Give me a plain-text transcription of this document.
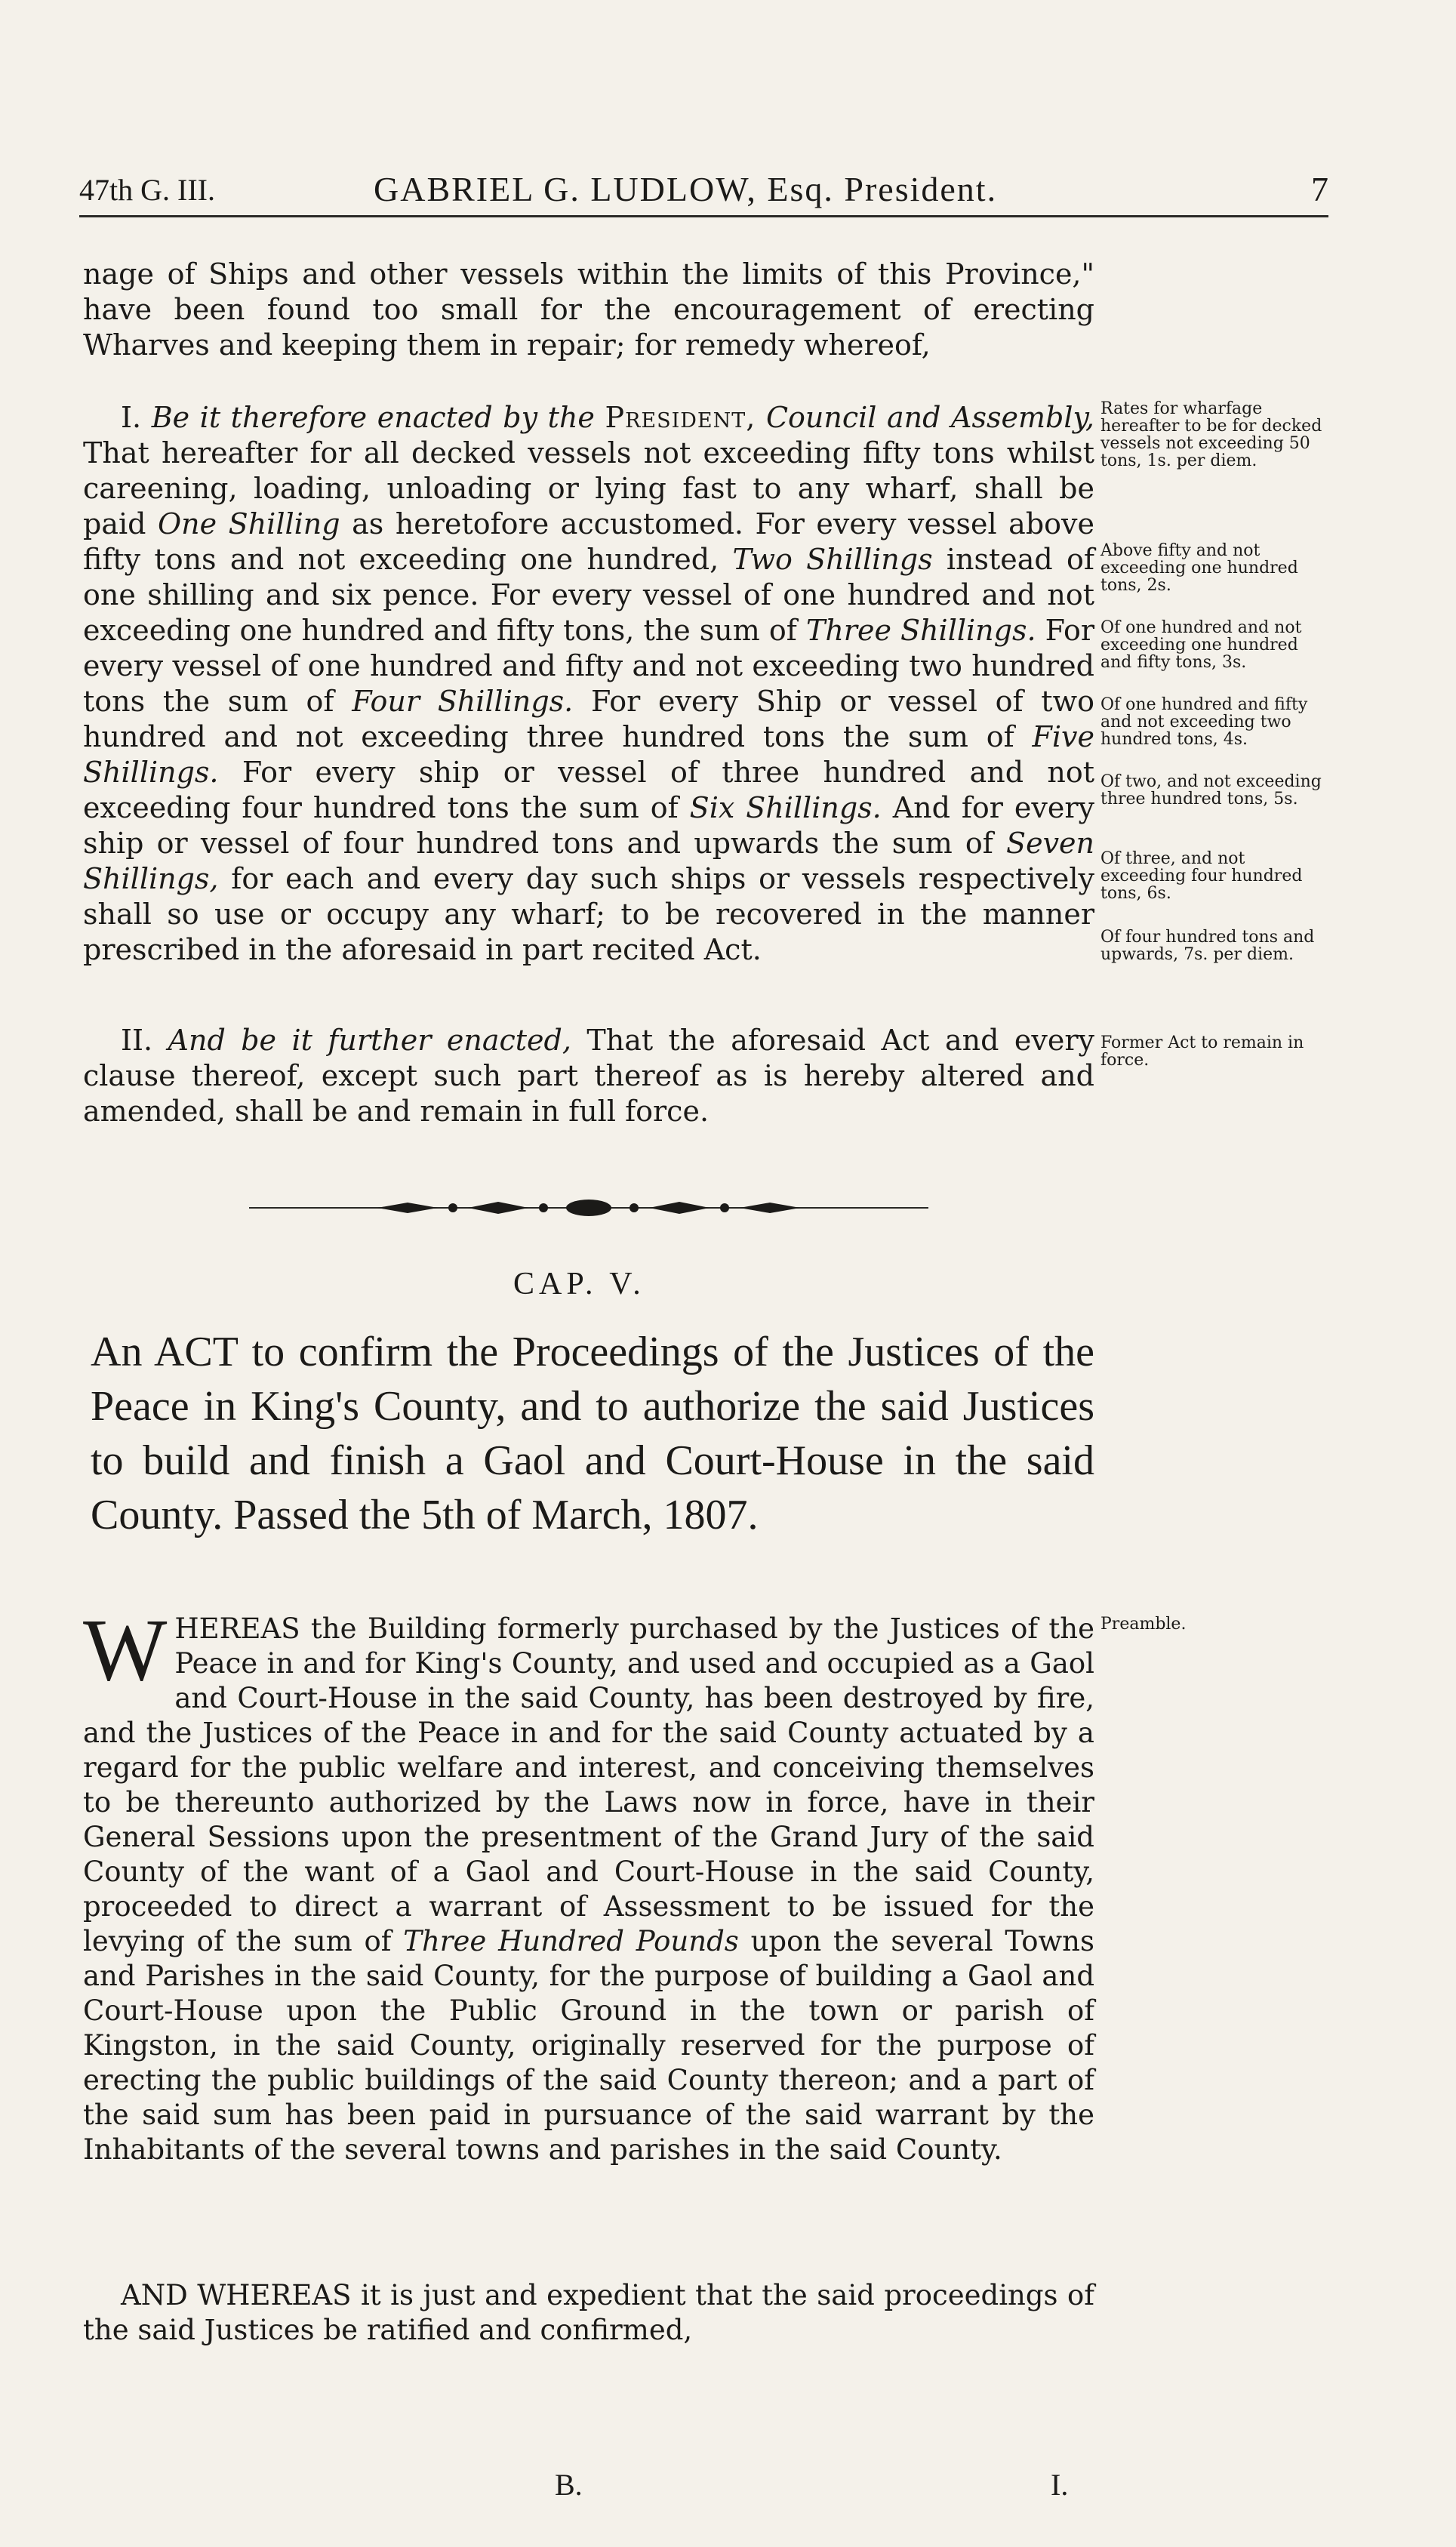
47th G. III.	GABRIEL G. LUDLOW, Esq. President.	7

nage of Ships and other vessels within the limits of this Province," have been found too small for the encouragement of erecting Wharves and keeping them in repair; for remedy whereof,

I. Be it therefore enacted by the President, Council and Assembly, That hereafter for all decked vessels not exceeding fifty tons whilst careening, loading, unloading or lying fast to any wharf, shall be paid One Shilling as heretofore accustomed. For every vessel above fifty tons and not exceeding one hundred, Two Shillings instead of one shilling and six pence. For every vessel of one hundred and not exceeding one hundred and fifty tons, the sum of Three Shillings. For every vessel of one hundred and fifty and not exceeding two hundred tons the sum of Four Shillings. For every Ship or vessel of two hundred and not exceeding three hundred tons the sum of Five Shillings. For every ship or vessel of three hundred and not exceeding four hundred tons the sum of Six Shillings. And for every ship or vessel of four hundred tons and upwards the sum of Seven Shillings, for each and every day such ships or vessels respectively shall so use or occupy any wharf; to be recovered in the manner prescribed in the aforesaid in part recited Act.

II. And be it further enacted, That the aforesaid Act and every clause thereof, except such part thereof as is hereby altered and amended, shall be and remain in full force.

Rates for wharfage hereafter to be for decked vessels not exceeding 50 tons, 1s. per diem.
Above fifty and not exceeding one hundred tons, 2s.
Of one hundred and not exceeding one hundred and fifty tons, 3s.
Of one hundred and fifty and not exceeding two hundred tons, 4s.
Of two, and not exceeding three hundred tons, 5s.
Of three, and not exceeding four hundred tons, 6s.
Of four hundred tons and upwards, 7s. per diem.
Former Act to remain in force.
Preamble.
CAP. V.
An ACT to confirm the Proceedings of the Justices of the Peace in King's County, and to authorize the said Justices to build and finish a Gaol and Court-House in the said County. Passed the 5th of March, 1807.

W HEREAS the Building formerly purchased by the Justices of the Peace in and for King's County, and used and occupied as a Gaol and Court-House in the said County, has been destroyed by fire, and the Justices of the Peace in and for the said County actuated by a regard for the public welfare and interest, and conceiving themselves to be thereunto authorized by the Laws now in force, have in their General Sessions upon the presentment of the Grand Jury of the said County of the want of a Gaol and Court-House in the said County, proceeded to direct a warrant of Assessment to be issued for the levying of the sum of Three Hundred Pounds upon the several Towns and Parishes in the said County, for the purpose of building a Gaol and Court-House upon the Public Ground in the town or parish of Kingston, in the said County, originally reserved for the purpose of erecting the public buildings of the said County thereon; and a part of the said sum has been paid in pursuance of the said warrant by the Inhabitants of the several towns and parishes in the said County.

AND WHEREAS it is just and expedient that the said proceedings of the said Justices be ratified and confirmed,

B.	I.
